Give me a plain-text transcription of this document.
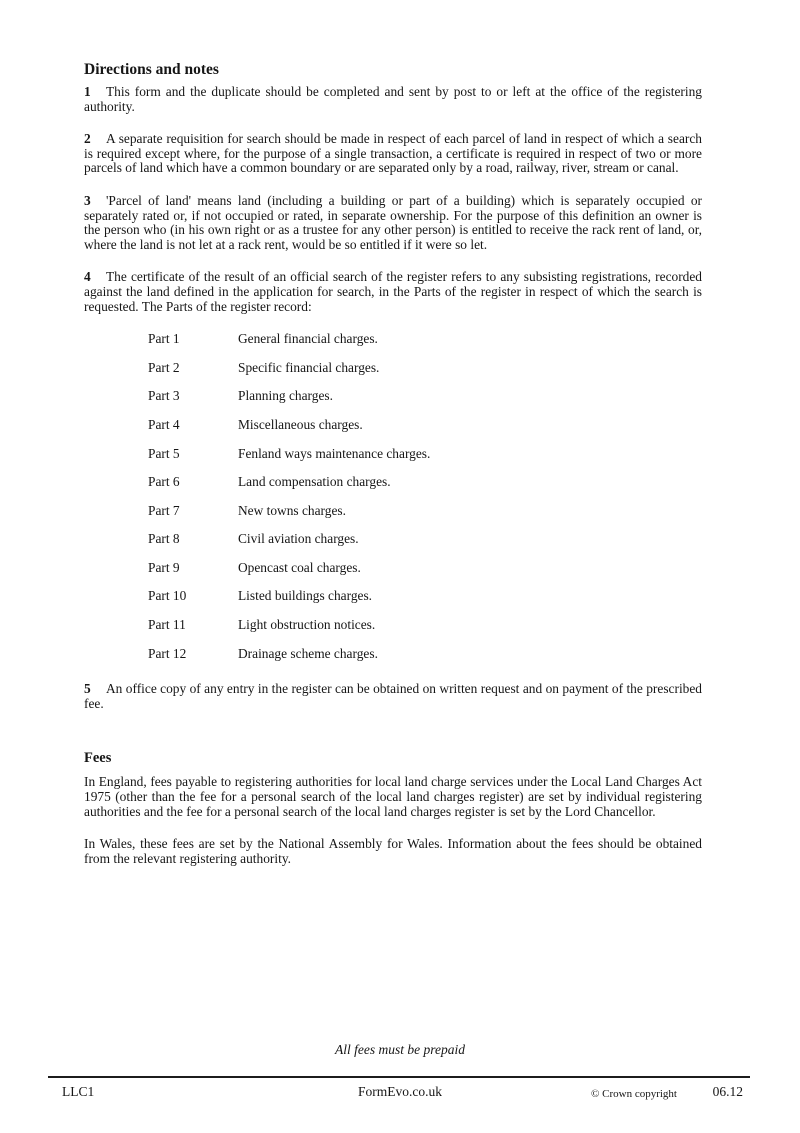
Directions and notes

1 This form and the duplicate should be completed and sent by post to or left at the office of the registering authority.

2 A separate requisition for search should be made in respect of each parcel of land in respect of which a search is required except where, for the purpose of a single transaction, a certificate is required in respect of two or more parcels of land which have a common boundary or are separated only by a road, railway, river, stream or canal.

3 'Parcel of land' means land (including a building or part of a building) which is separately occupied or separately rated or, if not occupied or rated, in separate ownership. For the purpose of this definition an owner is the person who (in his own right or as a trustee for any other person) is entitled to receive the rack rent of land, or, where the land is not let at a rack rent, would be so entitled if it were so let.

4 The certificate of the result of an official search of the register refers to any subsisting registrations, recorded against the land defined in the application for search, in the Parts of the register in respect of which the search is requested. The Parts of the register record:

Part 1	General financial charges.
Part 2	Specific financial charges.
Part 3	Planning charges.
Part 4	Miscellaneous charges.
Part 5	Fenland ways maintenance charges.
Part 6	Land compensation charges.
Part 7	New towns charges.
Part 8	Civil aviation charges.
Part 9	Opencast coal charges.
Part 10	Listed buildings charges.
Part 11	Light obstruction notices.
Part 12	Drainage scheme charges.

5 An office copy of any entry in the register can be obtained on written request and on payment of the prescribed fee.

Fees

In England, fees payable to registering authorities for local land charge services under the Local Land Charges Act 1975 (other than the fee for a personal search of the local land charges register) are set by individual registering authorities and the fee for a personal search of the local land charges register is set by the Lord Chancellor.

In Wales, these fees are set by the National Assembly for Wales. Information about the fees should be obtained from the relevant registering authority.

All fees must be prepaid
LLC1	FormEvo.co.uk	© Crown copyright	06.12
